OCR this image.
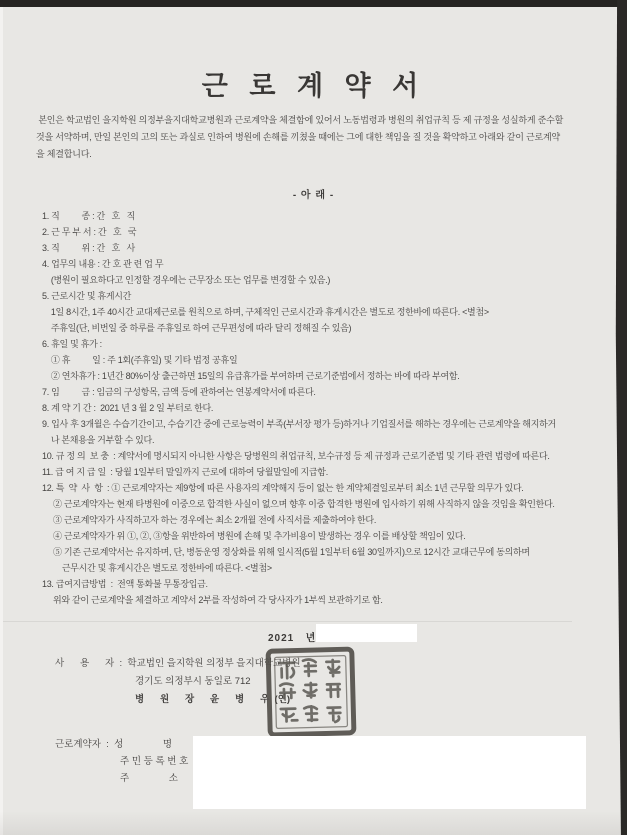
근 로 계 약 서
본인은 학교법인 을지학원 의정부을지대학교병원과 근로계약을 체결함에 있어서 노동법령과 병원의 취업규칙 등 제 규정을 성실하게 준수할
것을 서약하며, 만일 본인의 고의 또는 과실로 인하여 병원에 손해를 끼쳤을 때에는 그에 대한 책임을 질 것을 확약하고 아래와 같이 근로계약
을 체결합니다.
- 아 래 -
1. 직          종 : 간   호   직
2. 근 무 부 서 : 간   호   국
3. 직          위 : 간   호   사
4. 업무의 내용 : 간 호 관 련 업 무
(병원이 필요하다고 인정할 경우에는 근무장소 또는 업무를 변경할 수 있음.)
5. 근로시간 및 휴게시간
1일 8시간, 1주 40시간 교대제근로를 원칙으로 하며, 구체적인 근로시간과 휴게시간은 별도로 정한바에 따른다. <별첨>
주휴일(단, 비번일 중 하루를 주휴일로 하여 근무편성에 따라 달리 정해질 수 있음)
6. 휴일 및 휴가 :
① 휴          일 : 주 1회(주휴일) 및 기타 법정 공휴일
② 연차휴가 : 1년간 80%이상 출근하면 15일의 유급휴가를 부여하며 근로기준법에서 정하는 바에 따라 부여함.
7. 임          금 : 임금의 구성항목, 금액 등에 관하여는 연봉계약서에 따른다.
8. 계 약 기 간 :  2021 년 3 월 2 일 부터로 한다.
9. 입사 후 3개월은 수습기간이고, 수습기간 중에 근로능력이 부족(부서장 평가 등)하거나 기업질서를 해하는 경우에는 근로계약을 해지하거
나 본채용을 거부할 수 있다.
10. 규 정 의  보 충  : 계약서에 명시되지 아니한 사항은 당병원의 취업규칙, 보수규정 등 제 규정과 근로기준법 및 기타 관련 법령에 따른다.
11. 급 여 지 급 일  : 당월 1일부터 말일까지 근로에 대하여 당월말일에 지급함.
12. 특  약  사  항  : ① 근로계약자는 제9항에 따른 사용자의 계약해지 등이 없는 한 계약체결일로부터 최소 1년 근무할 의무가 있다.
② 근로계약자는 현재 타병원에 이중으로 합격한 사실이 없으며 향후 이중 합격한 병원에 입사하기 위해 사직하지 않을 것임을 확인한다.
③ 근로계약자가 사직하고자 하는 경우에는 최소 2개월 전에 사직서를 제출하여야 한다.
④ 근로계약자가 위 ①, ②, ③항을 위반하여 병원에 손해 및 추가비용이 발생하는 경우 이를 배상할 책임이 있다.
⑤ 기존 근로계약서는 유지하며, 단, 병동운영 정상화를 위해 일시적(5월 1일부터 6월 30일까지)으로 12시간 교대근무에 동의하며
근무시간 및 휴게시간은 별도로 정한바에 따른다. <별첨>
13. 급여지급방법  :  전액 통화불 무통장입금.
위와 같이 근로계약을 체결하고 계약서 2부를 작성하여 각 당사자가 1부씩 보관하기로 함.
2021 년
사      용      자  :  학교법인 을지학원 의정부 을지대학교병원
경기도 의정부시 동일로 712
병      원      장      윤      병      우  (인)
근로계약자  :  성               명
주 민 등 록 번 호
주               소
